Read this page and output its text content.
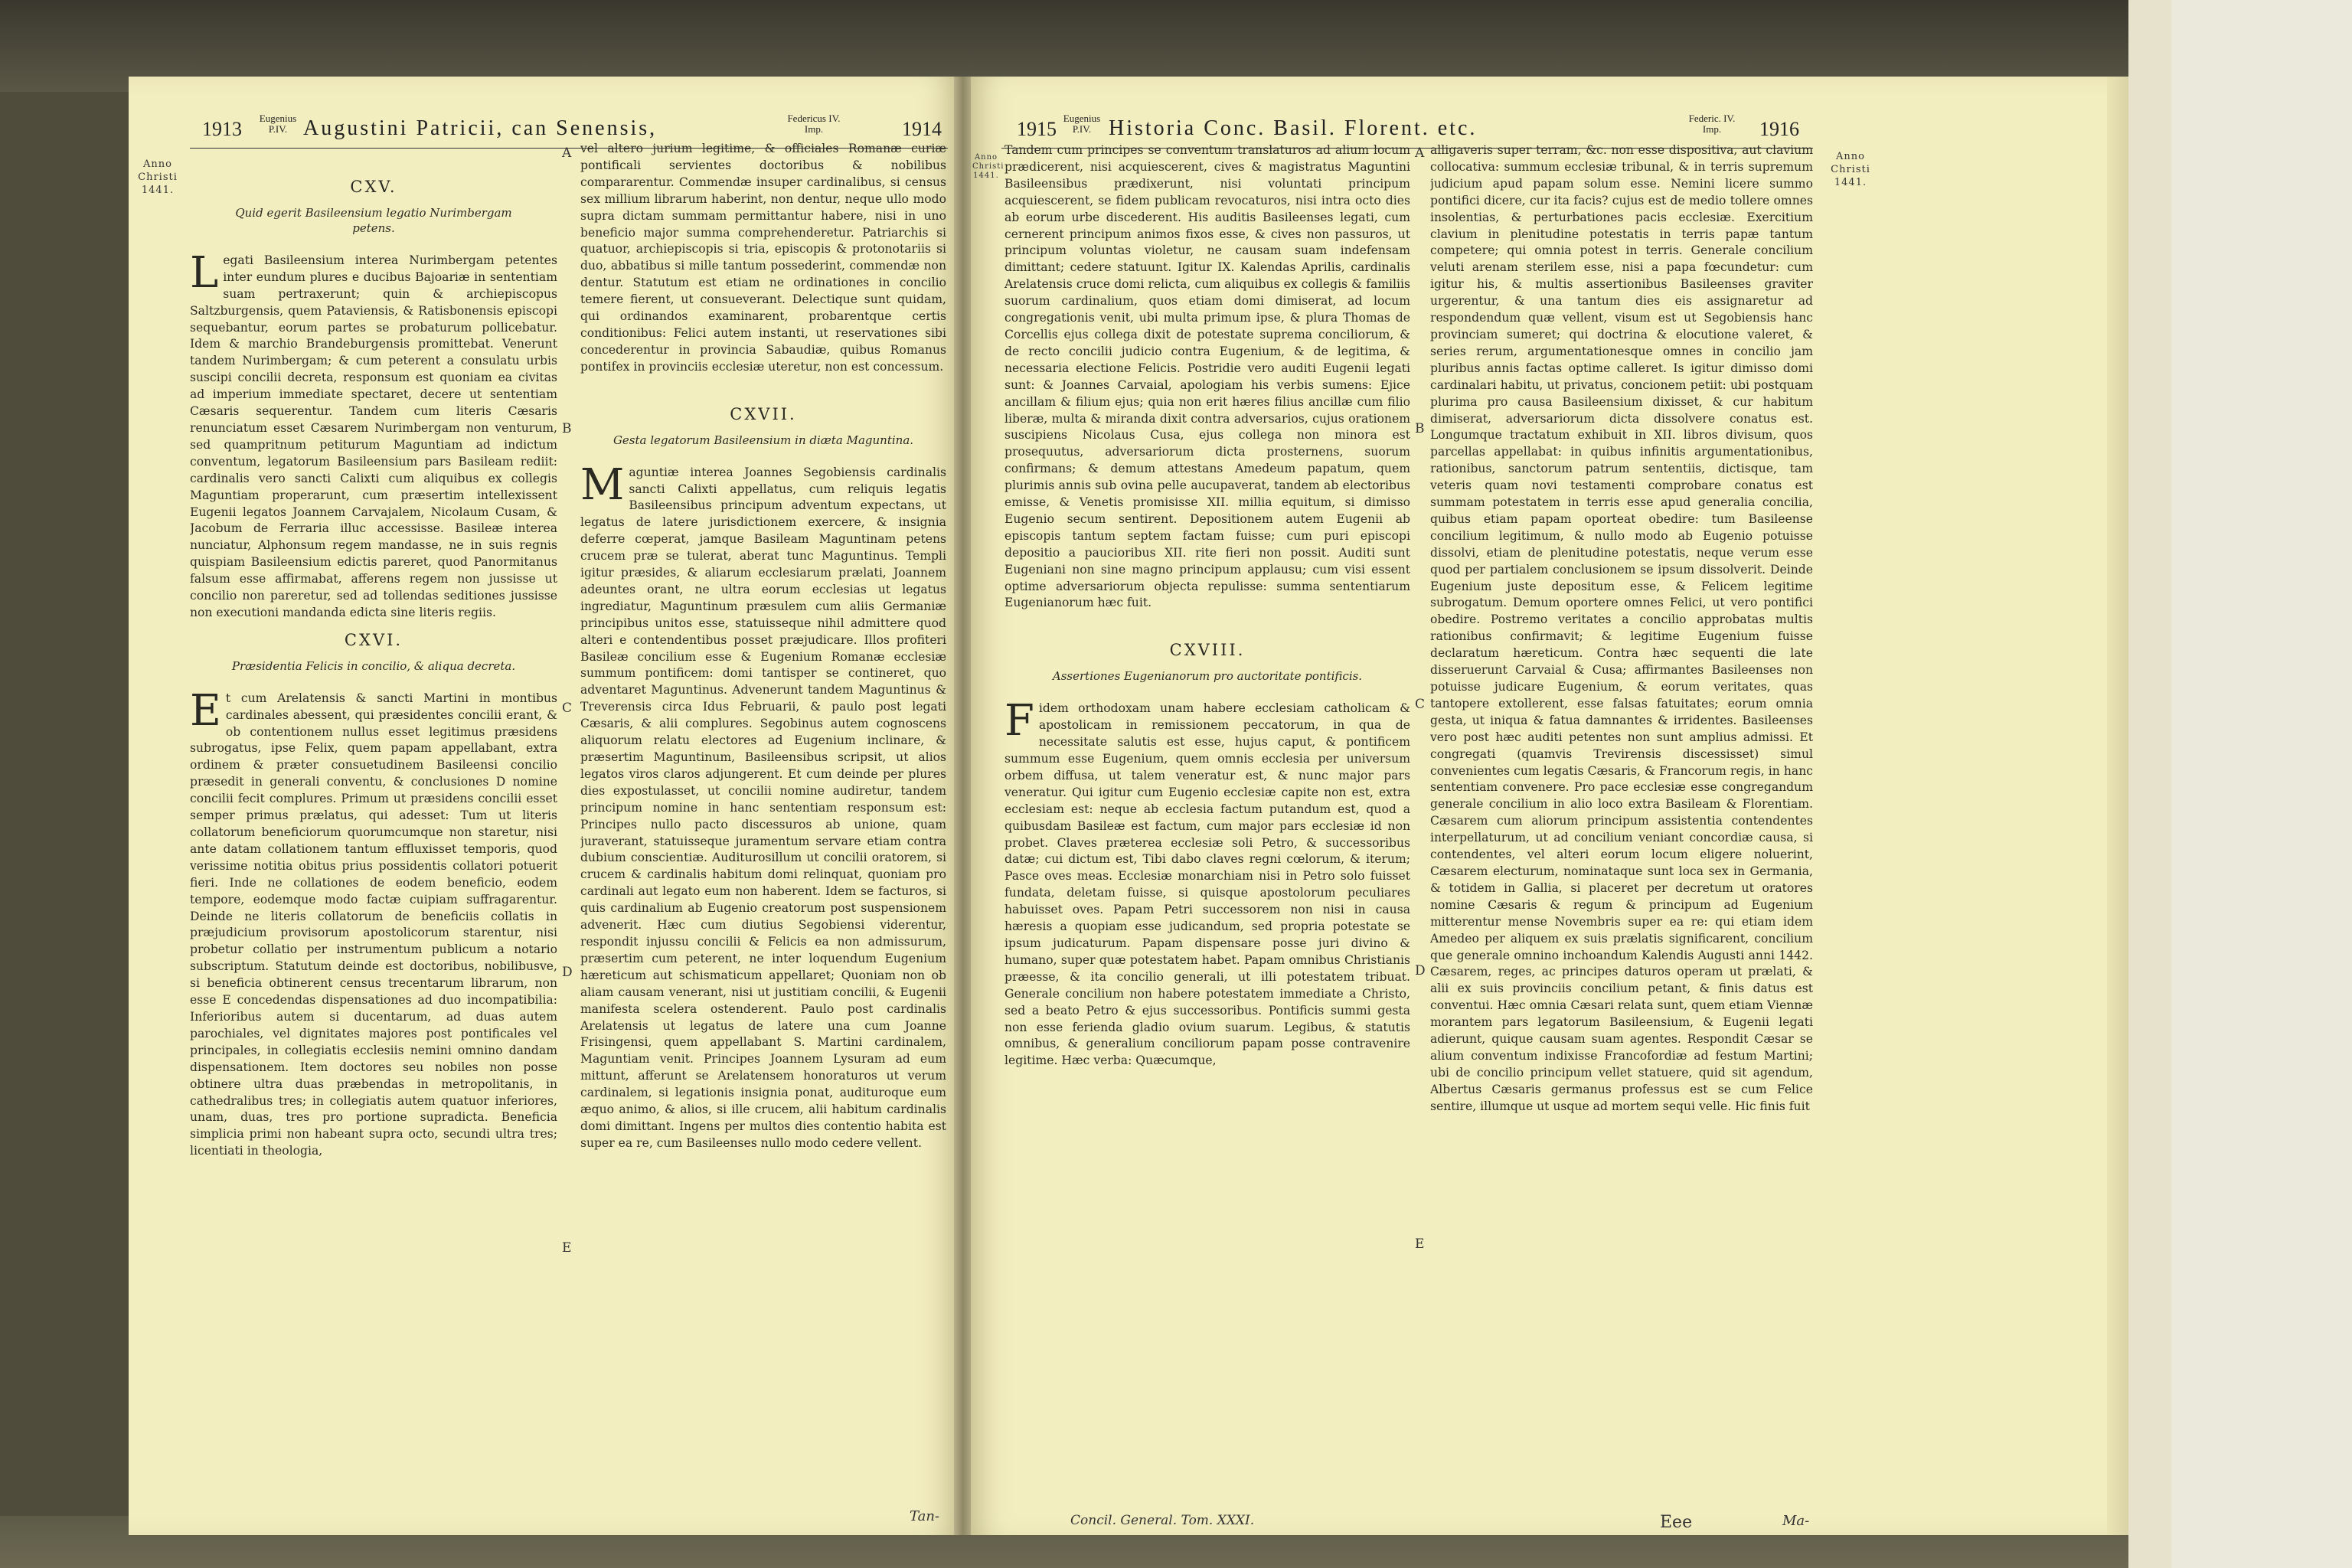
1913 Eugenius P.IV. Augustini Patricii, can Senensis,	Federicus IV. Imp.	1914
Anno Christi 1441.	CXV.
Quid egerit Basileensium legatio Nurimbergam petens.

Legati Basileensium interea Nurimbergam petentes inter eundum plures e ducibus Bajoariæ in sententiam suam pertraxerunt; quin & archiepiscopus Saltzburgensis, quem Pataviensis, & Ratisbonensis episcopi sequebantur, eorum partes se probaturum pollicebatur. Idem & marchio Brandeburgensis promittebat. Venerunt tandem Nurimbergam; & cum peterent a consulatu urbis suscipi concilii decreta, responsum est quoniam ea civitas ad imperium immediate spectaret, decere ut sententiam Cæsaris sequerentur. Tandem cum literis Cæsaris renunciatum esset Cæsarem Nurimbergam non venturum, sed quampritnum petiturum Maguntiam ad indictum conventum, legatorum Basileensium pars Basileam rediit: cardinalis vero sancti Calixti cum aliquibus ex collegis Maguntiam properarunt, cum præsertim intellexissent Eugenii legatos Joannem Carvajalem, Nicolaum Cusam, & Jacobum de Ferraria illuc accessisse. Basileæ interea nunciatur, Alphonsum regem mandasse, ne in suis regnis quispiam Basileensium edictis pareret, quod Panormitanus falsum esse affirmabat, afferens regem non jussisse ut concilio non pareretur, sed ad tollendas seditiones jussisse non executioni mandanda edicta sine literis regiis.

CXVI.
Præsidentia Felicis in concilio, & aliqua decreta.

Et cum Arelatensis & sancti Martini in montibus cardinales abessent, qui præsidentes concilii erant, & ob contentionem nullus esset legitimus præsidens subrogatus, ipse Felix, quem papam appellabant, extra ordinem & præter consuetudinem Basileensi concilio præsedit in generali conventu, & conclusiones D nomine concilii fecit complures. Primum ut præsidens concilii esset semper primus prælatus, qui adesset: Tum ut literis collatorum beneficiorum quorumcumque non staretur, nisi ante datam collationem tantum effluxisset temporis, quod verissime notitia obitus prius possidentis collatori potuerit fieri. Inde ne collationes de eodem beneficio, eodem tempore, eodemque modo factæ cuipiam suffragarentur. Deinde ne literis collatorum de beneficiis collatis in præjudicium provisorum apostolicorum starentur, nisi probetur collatio per instrumentum publicum a notario subscriptum. Statutum deinde est doctoribus, nobilibusve, si beneficia obtinerent census trecentarum librarum, non esse E concedendas dispensationes ad duo incompatibilia: Inferioribus autem si ducentarum, ad duas autem parochiales, vel dignitates majores post pontificales vel principales, in collegiatis ecclesiis nemini omnino dandam dispensationem. Item doctores seu nobiles non posse obtinere ultra duas præbendas in metropolitanis, in cathedralibus tres; in collegiatis autem quatuor inferiores, unam, duas, tres pro portione supradicta. Beneficia simplicia primi non habeant supra octo, secundi ultra tres; licentiati in theologia,

A
B
C
D
E

vel altero jurium legitime, & officiales Romanæ curiæ pontificali servientes doctoribus & nobilibus compararentur. Commendæ insuper cardinalibus, si census sex millium librarum haberint, non dentur, neque ullo modo supra dictam summam permittantur habere, nisi in uno beneficio major summa comprehenderetur. Patriarchis si quatuor, archiepiscopis si tria, episcopis & protonotariis si duo, abbatibus si mille tantum possederint, commendæ non dentur. Statutum est etiam ne ordinationes in concilio temere fierent, ut consueverant. Delectique sunt quidam, qui ordinandos examinarent, probarentque certis conditionibus: Felici autem instanti, ut reservationes sibi concederentur in provincia Sabaudiæ, quibus Romanus pontifex in provinciis ecclesiæ uteretur, non est concessum.

CXVII.
Gesta legatorum Basileensium in diæta Maguntina.

Maguntiæ interea Joannes Segobiensis cardinalis sancti Calixti appellatus, cum reliquis legatis Basileensibus principum adventum expectans, ut legatus de latere jurisdictionem exercere, & insignia deferre cœperat, jamque Basileam Maguntinam petens crucem præ se tulerat, aberat tunc Maguntinus. Templi igitur præsides, & aliarum ecclesiarum prælati, Joannem adeuntes orant, ne ultra eorum ecclesias ut legatus ingrediatur, Maguntinum præsulem cum aliis Germaniæ principibus unitos esse, statuisseque nihil admittere quod alteri e contendentibus posset præjudicare. Illos profiteri Basileæ concilium esse & Eugenium Romanæ ecclesiæ summum pontificem: domi tantisper se contineret, quo adventaret Maguntinus. Advenerunt tandem Maguntinus & Treverensis circa Idus Februarii, & paulo post legati Cæsaris, & alii complures. Segobinus autem cognoscens aliquorum relatu electores ad Eugenium inclinare, & præsertim Maguntinum, Basileensibus scripsit, ut alios legatos viros claros adjungerent. Et cum deinde per plures dies expostulasset, ut concilii nomine audiretur, tandem principum nomine in hanc sententiam responsum est: Principes nullo pacto discessuros ab unione, quam juraverant, statuisseque juramentum servare etiam contra dubium conscientiæ. Auditurosillum ut concilii oratorem, si crucem & cardinalis habitum domi relinquat, quoniam pro cardinali aut legato eum non haberent. Idem se facturos, si quis cardinalium ab Eugenio creatorum post suspensionem advenerit. Hæc cum diutius Segobiensi viderentur, respondit injussu concilii & Felicis ea non admissurum, præsertim cum peterent, ne inter loquendum Eugenium hæreticum aut schismaticum appellaret; Quoniam non ob aliam causam venerant, nisi ut justitiam concilii, & Eugenii manifesta scelera ostenderent. Paulo post cardinalis Arelatensis ut legatus de latere una cum Joanne Frisingensi, quem appellabant S. Martini cardinalem, Maguntiam venit. Principes Joannem Lysuram ad eum mittunt, afferunt se Arelatensem honoraturos ut verum cardinalem, si legationis insignia ponat, audituroque eum æquo animo, & alios, si ille crucem, alii habitum cardinalis domi dimittant. Ingens per multos dies contentio habita est super ea re, cum Basileenses nullo modo cedere vellent.

Tan-
1915 Eugenius P.IV. Historia Conc. Basil. Florent. etc.	Federic. IV. Imp.	1916
Anno Christi 1441.
Anno Christi 1441.

Tandem cum principes se conventum translaturos ad alium locum prædicerent, nisi acquiescerent, cives & magistratus Maguntini Basileensibus prædixerunt, nisi voluntati principum acquiescerent, se fidem publicam revocaturos, nisi intra octo dies ab eorum urbe discederent. His auditis Basileenses legati, cum cernerent principum animos fixos esse, & cives non passuros, ut principum voluntas violetur, ne causam suam indefensam dimittant; cedere statuunt. Igitur IX. Kalendas Aprilis, cardinalis Arelatensis cruce domi relicta, cum aliquibus ex collegis & familiis suorum cardinalium, quos etiam domi dimiserat, ad locum congregationis venit, ubi multa primum ipse, & plura Thomas de Corcellis ejus collega dixit de potestate suprema conciliorum, & de recto concilii judicio contra Eugenium, & de legitima, & necessaria electione Felicis. Postridie vero auditi Eugenii legati sunt: & Joannes Carvaial, apologiam his verbis sumens: Ejice ancillam & filium ejus; quia non erit hæres filius ancillæ cum filio liberæ, multa & miranda dixit contra adversarios, cujus orationem suscipiens Nicolaus Cusa, ejus collega non minora est prosequutus, adversariorum dicta prosternens, suorum confirmans; & demum attestans Amedeum papatum, quem plurimis annis sub ovina pelle aucupaverat, tandem ab electoribus emisse, & Venetis promisisse XII. millia equitum, si dimisso Eugenio secum sentirent. Depositionem autem Eugenii ab episcopis tantum septem factam fuisse; cum puri episcopi depositio a paucioribus XII. rite fieri non possit. Auditi sunt Eugeniani non sine magno principum applausu; cum visi essent optime adversariorum objecta repulisse: summa sententiarum Eugenianorum hæc fuit.

CXVIII.
Assertiones Eugenianorum pro auctoritate pontificis.

Fidem orthodoxam unam habere ecclesiam catholicam & apostolicam in remissionem peccatorum, in qua de necessitate salutis est esse, hujus caput, & pontificem summum esse Eugenium, quem omnis ecclesia per universum orbem diffusa, ut talem veneratur est, & nunc major pars veneratur. Qui igitur cum Eugenio ecclesiæ capite non est, extra ecclesiam est: neque ab ecclesia factum putandum est, quod a quibusdam Basileæ est factum, cum major pars ecclesiæ id non probet. Claves præterea ecclesiæ soli Petro, & successoribus datæ; cui dictum est, Tibi dabo claves regni cœlorum, & iterum; Pasce oves meas. Ecclesiæ monarchiam nisi in Petro solo fuisset fundata, deletam fuisse, si quisque apostolorum peculiares habuisset oves. Papam Petri successorem non nisi in causa hæresis a quopiam esse judicandum, sed propria potestate se ipsum judicaturum. Papam dispensare posse juri divino & humano, super quæ potestatem habet. Papam omnibus Christianis præesse, & ita concilio generali, ut illi potestatem tribuat. Generale concilium non habere potestatem immediate a Christo, sed a beato Petro & ejus successoribus. Pontificis summi gesta non esse ferienda gladio ovium suarum. Legibus, & statutis omnibus, & generalium conciliorum papam posse contravenire legitime. Hæc verba: Quæcumque,

A
B
C
D
E

alligaveris super terram, &c. non esse dispositiva, aut clavium collocativa: summum ecclesiæ tribunal, & in terris supremum judicium apud papam solum esse. Nemini licere summo pontifici dicere, cur ita facis? cujus est de medio tollere omnes insolentias, & perturbationes pacis ecclesiæ. Exercitium clavium in plenitudine potestatis in terris papæ tantum competere; qui omnia potest in terris. Generale concilium veluti arenam sterilem esse, nisi a papa fœcundetur: cum igitur his, & multis assertionibus Basileenses graviter urgerentur, & una tantum dies eis assignaretur ad respondendum quæ vellent, visum est ut Segobiensis hanc provinciam sumeret; qui doctrina & elocutione valeret, & series rerum, argumentationesque omnes in concilio jam pluribus annis factas optime calleret. Is igitur dimisso domi cardinalari habitu, ut privatus, concionem petiit: ubi postquam plurima pro causa Basileensium dixisset, & cur habitum dimiserat, adversariorum dicta dissolvere conatus est. Longumque tractatum exhibuit in XII. libros divisum, quos parcellas appellabat: in quibus infinitis argumentationibus, rationibus, sanctorum patrum sententiis, dictisque, tam veteris quam novi testamenti comprobare conatus est summam potestatem in terris esse apud generalia concilia, quibus etiam papam oporteat obedire: tum Basileense concilium legitimum, & nullo modo ab Eugenio potuisse dissolvi, etiam de plenitudine potestatis, neque verum esse quod per partialem conclusionem se ipsum dissolverit. Deinde Eugenium juste depositum esse, & Felicem legitime subrogatum. Demum oportere omnes Felici, ut vero pontifici obedire. Postremo veritates a concilio approbatas multis rationibus confirmavit; & legitime Eugenium fuisse declaratum hæreticum. Contra hæc sequenti die late disseruerunt Carvaial & Cusa; affirmantes Basileenses non potuisse judicare Eugenium, & eorum veritates, quas tantopere extollerent, esse falsas fatuitates; eorum omnia gesta, ut iniqua & fatua damnantes & irridentes. Basileenses vero post hæc auditi petentes non sunt amplius admissi. Et congregati (quamvis Trevirensis discessisset) simul convenientes cum legatis Cæsaris, & Francorum regis, in hanc sententiam convenere. Pro pace ecclesiæ esse congregandum generale concilium in alio loco extra Basileam & Florentiam. Cæsarem cum aliorum principum assistentia contendentes interpellaturum, ut ad concilium veniant concordiæ causa, si contendentes, vel alteri eorum locum eligere noluerint, Cæsarem electurum, nominataque sunt loca sex in Germania, & totidem in Gallia, si placeret per decretum ut oratores nomine Cæsaris & regum & principum ad Eugenium mitterentur mense Novembris super ea re: qui etiam idem Amedeo per aliquem ex suis prælatis significarent, concilium que generale omnino inchoandum Kalendis Augusti anni 1442. Cæsarem, reges, ac principes daturos operam ut prælati, & alii ex suis provinciis concilium petant, & finis datus est conventui. Hæc omnia Cæsari relata sunt, quem etiam Viennæ morantem pars legatorum Basileensium, & Eugenii legati adierunt, quique causam suam agentes. Respondit Cæsar se alium conventum indixisse Francofordiæ ad festum Martini; ubi de concilio principum vellet statuere, quid sit agendum, Albertus Cæsaris germanus professus est se cum Felice sentire, illumque ut usque ad mortem sequi velle. Hic finis fuit

Concil. General. Tom. XXXI.	Eee	Ma-
